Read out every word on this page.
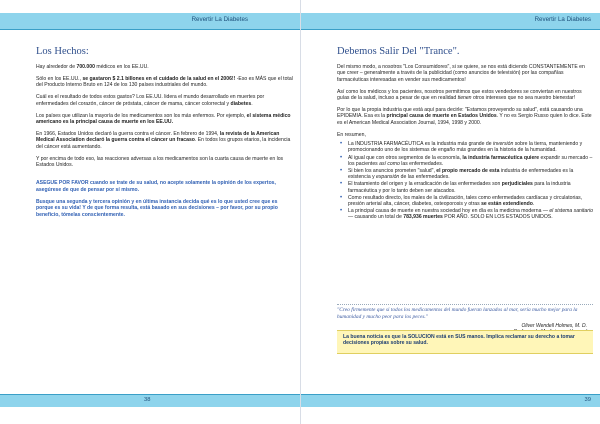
Revertir La Diabetes
Los Hechos:

Hay alrededor de 700.000 médicos en los EE.UU.

Sólo en los EE.UU., se gastaron $ 2.1 billones en el cuidado de la salud en el 2006!! -Eso es MÁS que el total del Producto Interno Bruto en 124 de los 130 países industriales del mundo.

Cuál es el resultado de todos estos gastos? Los EE.UU. lidera el mundo desarrollado en muertes por enfermedades del corazón, cáncer de próstata, cáncer de mama, cáncer colorrectal y diabetes.

Los países que utilizan la mayoría de los medicamentos son los más enfermos. Por ejemplo, el sistema médico americano es la principal causa de muerte en los EE.UU.

En 1966, Estados Unidos declaró la guerra contra el cáncer. En febrero de 1994, la revista de la American Medical Association declaró la guerra contra el cáncer un fracaso. En todos los grupos etarios, la incidencia del cáncer está aumentando.

Y por encima de todo eso, las reacciones adversas a los medicamentos son la cuarta causa de muerte en los Estados Unidos.

ASEGUE POR FAVOR cuando se trate de su salud, no acepte solamente la opinión de los expertos, asegúrese de que de pensar por sí mismo.

Busque una segunda y tercera opinión y en última instancia decida qué es lo que usted cree que es porque es su vida! Y de que forma resulta, está basado en sus decisiones – por favor, por su propio beneficio, tómelas conscientemente.

38
Revertir La Diabetes
Debemos Salir Del "Trance".

Del mismo modo, a nosotros "Los Consumidores", si se quiere, se nos está diciendo CONSTANTEMENTE en que creer – generalmente a través de la publicidad (como anuncios de televisión) por las compañías farmacéuticas interesadas en vender sus medicamentos!

Así como los médicos y los pacientes, nosotros permitimos que estos vendedores se conviertan en nuestros guías de la salud, incluso a pesar de que en realidad tienen otros intereses que no sea nuestro bienestar!

Por lo que la propia industria que está aquí para decirle: "Estamos proveyendo su salud", está causando una EPIDEMIA. Esa es la principal causa de muerte en Estados Unidos. Y no es Sergio Russo quien lo dice. Este es el American Medical Association Journal, 1994, 1998 y 2000.

En resumen,

• La INDUSTRIA FARMACÉUTICA es la industria más grande de inversión sobre la tierra, manteniendo y promocionando uno de los sistemas de engaño más grandes en la historia de la humanidad.
• Al igual que con otros segmentos de la economía, la industria farmacéutica quiere expandir su mercado – los pacientes así como las enfermedades.
• Si bien los anuncios prometen "salud", el propio mercado de esta industria de enfermedades es la existencia y expansión de las enfermedades.
• El tratamiento del origen y la erradicación de las enfermedades son perjudiciales para la industria farmacéutica y por lo tanto deben ser atacados.
• Como resultado directo, los males de la civilización, tales como enfermedades cardíacas y circulatorias, presión arterial alta, cáncer, diabetes, osteoporosis y otras se están extendiendo.
• La principal causa de muerte en nuestra sociedad hoy en día es la medicina moderna — el sistema sanitario — causando un total de 783,936 muertes POR AÑO. SOLO EN LOS ESTADOS UNIDOS.
"Creo firmemente que si todos los medicamentos del mundo fueran lanzados al mar, sería mucho mejor para la humanidad y mucho peor para los peces."
Oliver Wendell Holmes, M. D.

La buena noticia es que la SOLUCION está en SUS manos. Implica reclamar su derecho a tomar decisiones propias sobre su salud.

39
